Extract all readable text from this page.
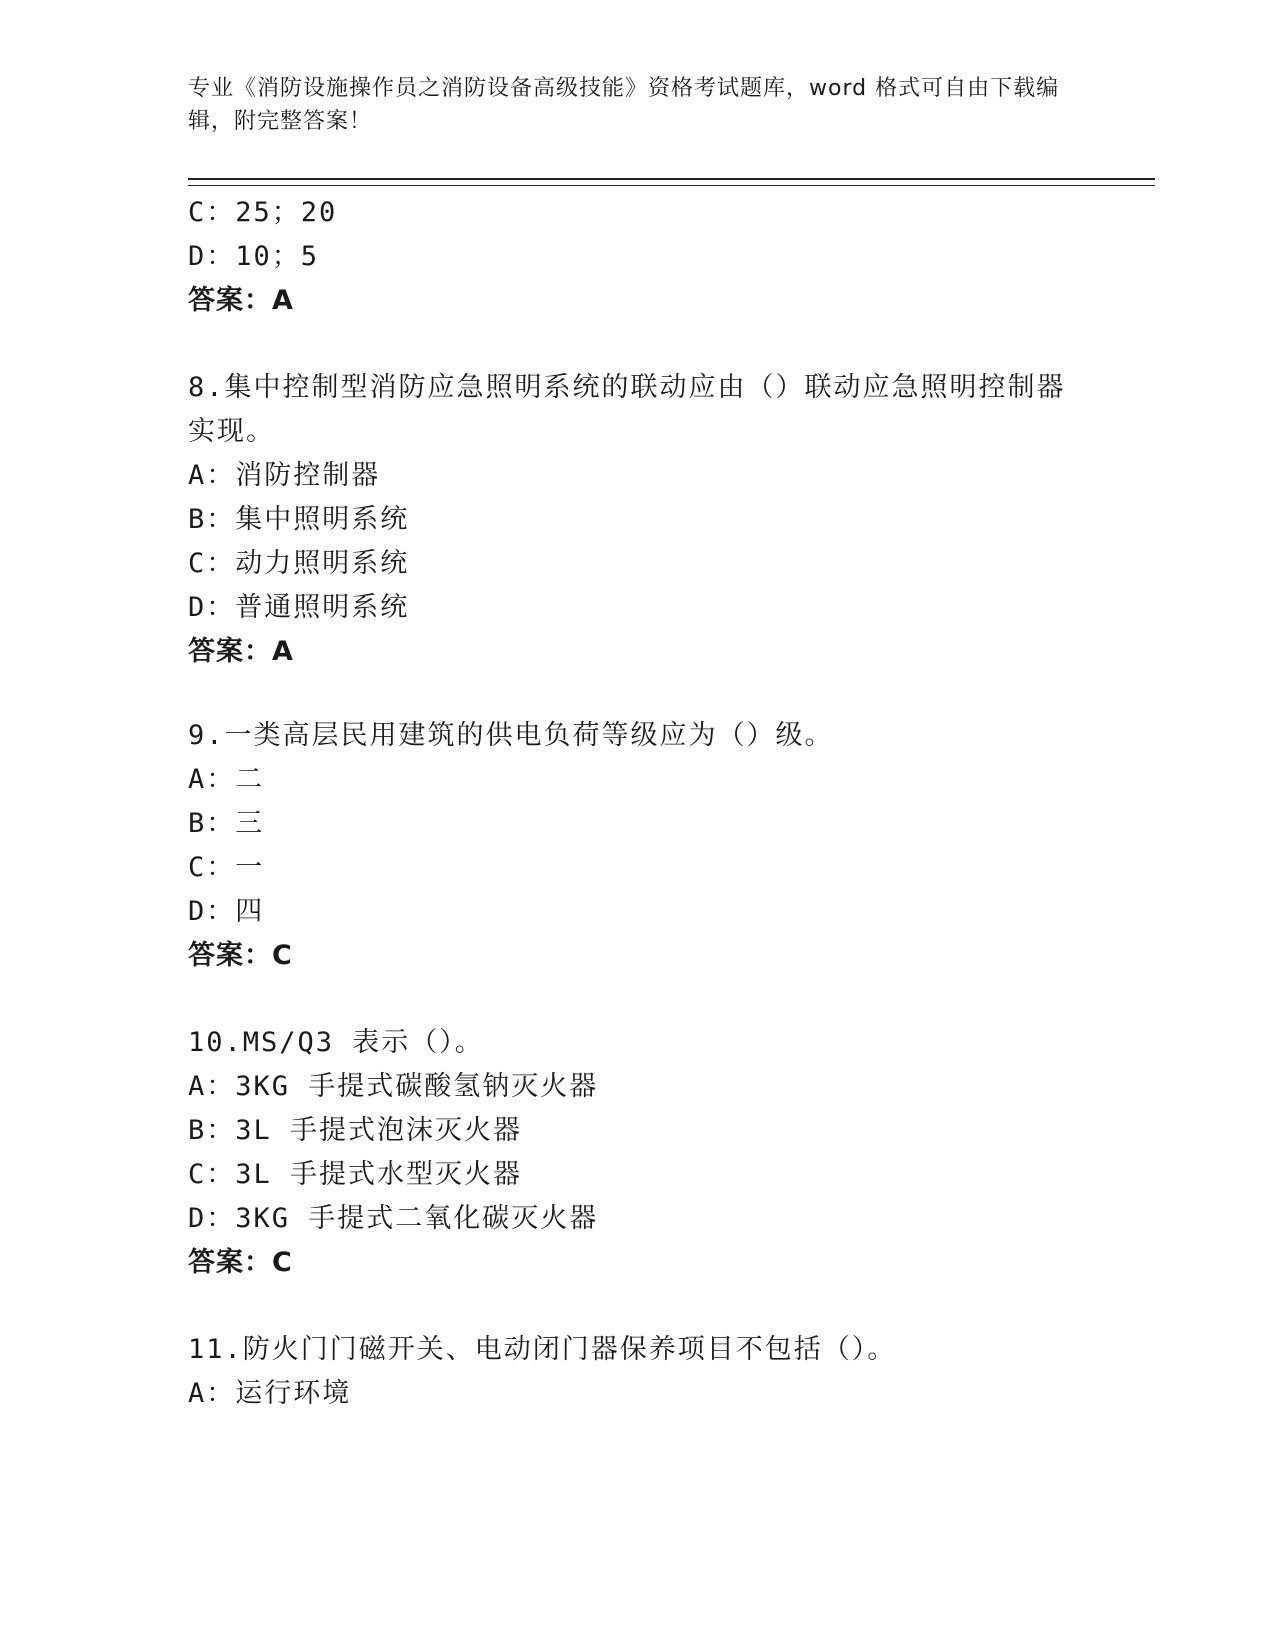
专业《消防设施操作员之消防设备高级技能》资格考试题库，word 格式可自由下载编辑，附完整答案！
C：25；20
D：10；5
答案：A
8.集中控制型消防应急照明系统的联动应由（）联动应急照明控制器
实现。
A：消防控制器
B：集中照明系统
C：动力照明系统
D：普通照明系统
答案：A
9.一类高层民用建筑的供电负荷等级应为（）级。
A：二
B：三
C：一
D：四
答案：C
10.MS/Q3 表示（）。
A：3KG 手提式碳酸氢钠灭火器
B：3L 手提式泡沫灭火器
C：3L 手提式水型灭火器
D：3KG 手提式二氧化碳灭火器
答案：C
11.防火门门磁开关、电动闭门器保养项目不包括（）。
A：运行环境
